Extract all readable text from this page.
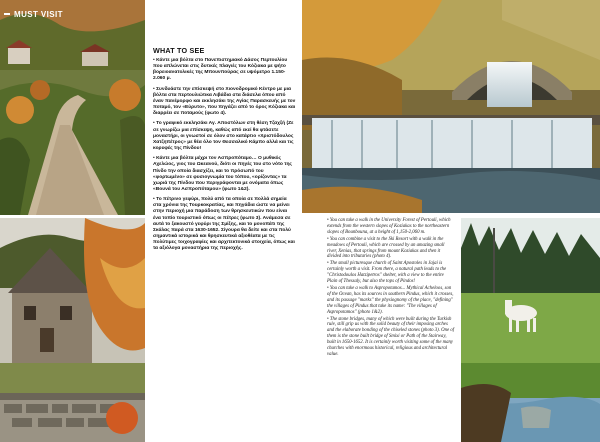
MUST VISIT
WHAT TO SEE

• Κάντε μια βόλτα στο Πανεπιστημιακό Δάσος Περτουλίου που απλώνεται στις δυτικές πλαγιές του Κόζιακα με ψήτο βορειοανατολικές της Μπουνπούρας σε υψόμετρο 1.150-2.060 μ.

• Συνδυάστε την επίσκεψή στο Χιονοδρομικό Κέντρο με μια βόλτα στα περτουλιώτικα Λιβάδια στα διάσελα όπου από έναν πανέμορφο και εκκλησάκι της Αγίας Παρασκευής με τον ποταμό, τον «Εύρυτο», που πηγάζει από το όρος Κόζιακα και διαρρέει σε ποταμούς (φωτο 4).

• Το γραφικό εκκλησάκι Αγ. Αποστόλων στη θέση Τζαχξή (Ζε σε γνωρίζω μια επίσκεψη, καθώς από εκεί θα φτάσετε μοναστήρι, οι γνωστοί σε όλον στο κατάρτιο «Χριστόδουλος Χατζηπέτρος» με θέα όλο τον Θεσσαλικό Κάμπο αλλά και τις κορυφές της Πίνδου!

• Κάντε μια βόλτα μέχρι τον Ασπροπόταμο… Ο μυθικός Αχελώος, γιος του Ωκεανού, διότι οι πηγές του στο νότο της Πίνδο την οποία διασχίζει, και το πρόσωπό του «φορτωμένο» σε φυσιογνωμία του τόπου, «ορίζοντας» τα χωριά της Πίνδου που περιγράφονται με ονόματα όπως «Βουνά του Ασπροπόταμου» (φωτο 1&2).

• Το πέτρινο γεφύρι, πολύ από τα οποία σε πολλά σημεία στα χρόνια της Τουρκοκρατίας, και πηγάδια ώστε να μείνει στην περιοχή μια παράδοση των θρησκευτικών που είναι ένα τοπίο τουριστικό όπως οι πέτρες (φωτο 3). Ανάμεσα σε αυτά το ξακουστό γεφύρι της Σμίξης, και το μονοπάτι της Σκάλας παρά στα 1630-1652. Σίγουρα θα δείτε και στα πολύ σημαντικά ιστορικά και θρησκευτικά αξιοθέατα με τις πολύτιμες τοιχογραφίες και αρχιτεκτονικά στοιχεία, όπως και τα αξιόλογα μοναστήρια της περιοχής.

• You can take a walk in the University Forest of Pertouli, which extends from the western slopes of Koziakas to the northeastern slopes of Bounbouna, at a height of 1,150-2,060 m.

• You can combine a visit to the Ski Resort with a walk in the meadows of Pertouli, which are crossed by an amazing small river, Xenias, that springs from mount Koziakas and then it divided into tributaries (photo 4).

• The small picturesque church of Saint Apostoles in Jajai is certainly worth a visit. From there, a natural path leads to the "Christodoulos Hatzipetros" shelter, with a view to the entire Plain of Thessaly, but also the tops of Pindos!

• You can take a walk to Aspropotamos... Mythical Acheloos, son of the Ocean, has its sources in southern Pindus, which it crosses, and its passage "marks" the physiognomy of the place, "defining" the villages of Pindus that take its name: "The villages of Aspropotamos" (photo 1&2).

• The stone bridges, many of which were built during the Turkish rule, still grip us with the solid beauty of their imposing arches and the elaborate bonding of the chiseled stones (photo 3). One of them is the stone built bridge of Smixi or Path of the Stairway, built in 1650-1652. It is certainly worth visiting some of the many churches with enormous historical, religious and architectural value.
